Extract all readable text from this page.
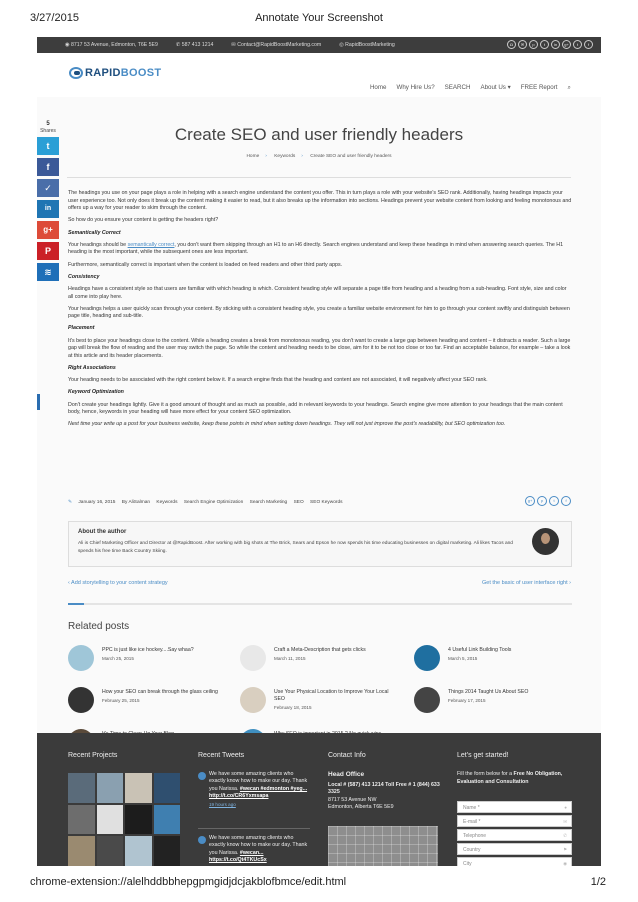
3/27/2015	Annotate Your Screenshot
◉ 8717 53 Avenue, Edmonton, T6E 5E9	✆ 587 413 1214	✉ Contact@RapidBoostMarketing.com	◎ RapidBoostMarketing	◘	✉	p	t	in	g+	t	f
RAPID BOOST
Home Why Hire Us? SEARCH About Us ▾ FREE Report ⌕
5
Shares
t
f
✓
in
g+
P
≋
Create SEO and user friendly headers
Home › Keywords › Create SEO and user friendly headers

The headings you use on your page plays a role in helping with a search engine understand the content you offer. This in turn plays a role with your website's SEO rank. Additionally, having headings impacts your user experience too. Not only does it break up the content making it easier to read, but it also breaks up the information into sections. Headings prevent your website content from looking and feeling monotonous and offers up a way for your reader to skim through the content.

So how do you ensure your content is getting the headers right?

Semantically Correct

Your headings should be semantically correct, you don't want them skipping through an H1 to an H6 directly. Search engines understand and keep these headings in mind when answering search queries. The H1 heading is the most important, while the subsequent ones are less important.

Furthermore, semantically correct is important when the content is loaded on feed readers and other third party apps.

Consistency

Headings have a consistent style so that users are familiar with which heading is which. Consistent heading style will separate a page title from heading and a heading from a sub-heading. Font style, size and color all come into play here.

Your headings helps a user quickly scan through your content. By sticking with a consistent heading style, you create a familiar website environment for him to go through your content swiftly and distinguish between page title, heading and sub-title.

Placement

It's best to place your headings close to the content. While a heading creates a break from monotonous reading, you don't want to create a large gap between heading and content – it distracts a reader. Such a large gap will break the flow of reading and the user may switch the page. So while the content and heading needs to be close, aim for it to be not too close or too far. Find an acceptable balance, for example – take a look at this article and its header placements.

Right Associations

Your heading needs to be associated with the right content below it. If a search engine finds that the heading and content are not associated, it will negatively affect your SEO rank.

Keyword Optimization

Don't create your headings lightly. Give it a good amount of thought and as much as possible, add in relevant keywords to your headings. Search engine give more attention to your headings that the main content body, hence, keywords in your heading will have more effect for your content SEO optimization.

Next time your write up a post for your business website, keep these points in mind when setting down headings. They will not just improve the post's readability, but SEO optimization too.

✎ January 16, 2015 By AliSalman Keywords Search Engine Optimization Search Marketing SEO SEO Keywords	g+	p	t	f
About the author
Ali is Chief Marketing Officer and Director at @RapidBoost. After working with big shots at The Brick, Sears and Epson he now spends his time educating businesses on digital marketing. Ali likes Tacos and spends his free time Back Country Skiing.
‹ Add storytelling to your content strategy	Get the basic of user interface right ›
Related posts
PPC is just like ice hockey....Say whaa?
March 25, 2015
Craft a Meta-Description that gets clicks
March 11, 2015
4 Useful Link Building Tools
March 5, 2015
How your SEO can break through the glass ceiling
February 25, 2015
Use Your Physical Location to Improve Your Local SEO
February 18, 2015
Things 2014 Taught Us About SEO
February 17, 2015
Recent Projects	Recent Tweets	Contact Info	Let's get started!
We have some amazing clients who exactly know how to make our day. Thank you Narissa. #wecan #edmonton #yeg...
http://t.co/CR6Yxmsapa
19 hours ago
We have some amazing clients who exactly know how to make our day. Thank you Narissa. #wecan...
https://t.co/Qt4TKUcSx
Head Office
Local # (587) 413 1214 Toll Free # 1 (844) 633 3325
8717 53 Avenue NW
Edmonton, Alberta T6E 5E9
Fill the form below for a Free No Obligation, Evaluation and Consultation
Name *	●
E-mail *	✉
Telephone	✆
Country	⚑
City	◉
chrome-extension://alelhddbbhepgpmgidjdcjakblofbmce/edit.html	1/2
